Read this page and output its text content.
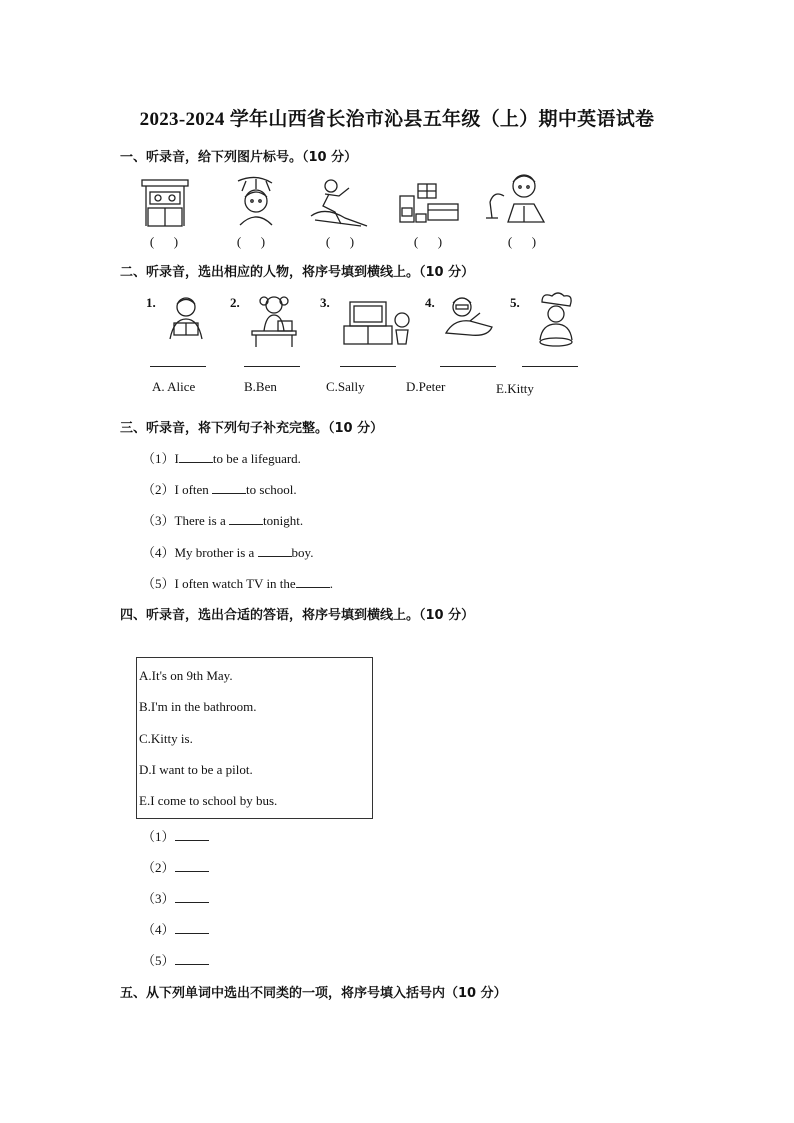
2023-2024 学年山西省长治市沁县五年级（上）期中英语试卷
一、听录音，给下列图片标号。（10 分）
(      )	(      )	(      )	(      )	(      )
二、听录音，选出相应的人物，将序号填到横线上。（10 分）
1.	2.	3.	4.	5.
A. Alice	B.Ben	C.Sally	D.Peter	E.Kitty
三、听录音，将下列句子补充完整。（10 分）
（1）I	to be a lifeguard.
（2）I often	to school.
（3）There is a	tonight.
（4）My brother is a	boy.
（5）I often watch TV in the	.
四、听录音，选出合适的答语，将序号填到横线上。（10 分）
A.It's on 9th May.
B.I'm in the bathroom.
C.Kitty is.
D.I want to be a pilot.
E.I come to school by bus.
（1）
（2）
（3）
（4）
（5）
五、从下列单词中选出不同类的一项，将序号填入括号内（10 分）
